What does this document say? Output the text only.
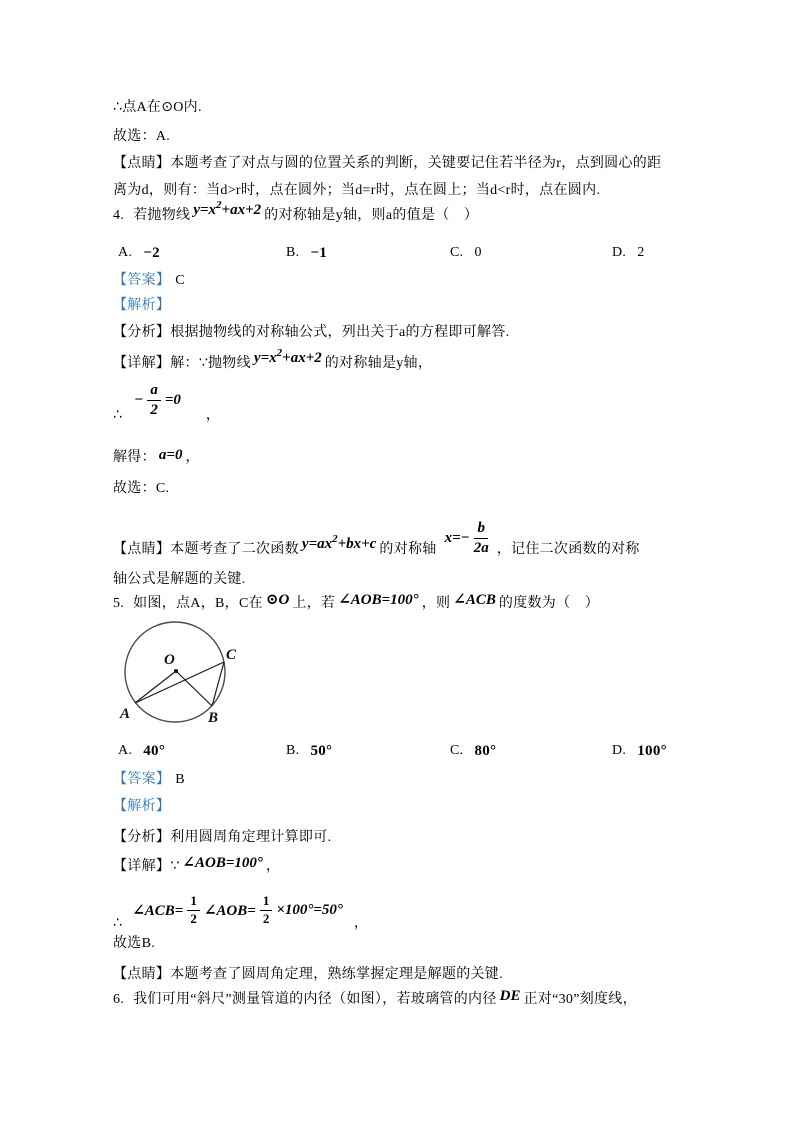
∴点A在⊙O内.
故选：A.
【点睛】本题考查了对点与圆的位置关系的判断，关键要记住若半径为r，点到圆心的距
离为d，则有：当d>r时，点在圆外；当d=r时，点在圆上；当d<r时，点在圆内.
4. 若抛物线 $y=x^2+ax+2$ 的对称轴是y轴，则a的值是（　）
A. −2	B. −1	C. 0	D. 2
【答案】 C
【解析】
【分析】根据抛物线的对称轴公式，列出关于a的方程即可解答.
【详解】 解：∵抛物线 $y=x^2+ax+2$ 的对称轴是y轴，
∴
− $\frac{a}{2} =0$
，
解得： a=0 ，
故选：C.
【点睛】 本题考查了二次函数 $y=ax^2+bx+c$ 的对称轴
$x=- \frac{b}{2a}$ ，记住二次函数的对称
轴公式是解题的关键.
5. 如图，点A，B，C在 ⊙O 上，若 ∠AOB=100° ，则 ∠ACB 的度数为（　）
O
A	B
C
A. 40°	B. 50°	C. 80°	D. 100°
【答案】 B
【解析】
【分析】利用圆周角定理计算即可.
【详解】 ∵ ∠AOB=100° ，
∴
∠ACB= $\frac{1}{2}$ ∠AOB= $\frac{1}{2} \times 100^\circ=50^\circ$
，
故选B.
【点睛】本题考查了圆周角定理，熟练掌握定理是解题的关键.
6. 我们可用“斜尺”测量管道的内径（如图），若玻璃管的内径 DE 正对“30”刻度线，
